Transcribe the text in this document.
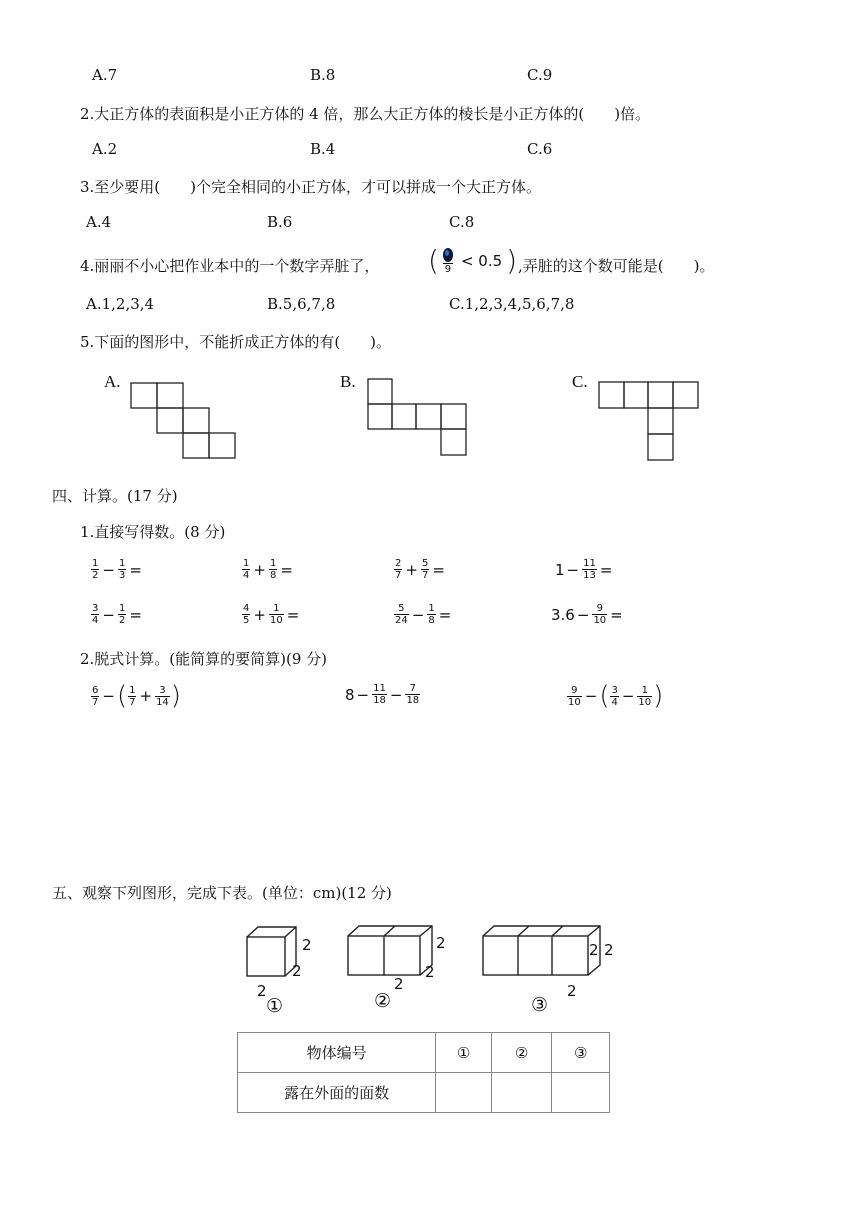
A.7	B.8	C.9
2.大正方体的表面积是小正方体的 4 倍，那么大正方体的棱长是小正方体的(　　)倍。
A.2	B.4	C.6
3.至少要用(　　)个完全相同的小正方体，才可以拼成一个大正方体。
A.4	B.6	C.8
4.丽丽不小心把作业本中的一个数字弄脏了， ( 9 < 0.5 ) ,弄脏的这个数可能是(　　)。
A.1,2,3,4	B.5,6,7,8	C.1,2,3,4,5,6,7,8
5.下面的图形中，不能折成正方体的有(　　)。
A.	B.	C.
四、计算。(17 分)
1.直接写得数。(8 分)
$\frac{1}{2} - \frac{1}{3}$ =	$\frac{1}{4} + \frac{1}{8}$ =	$\frac{2}{7} + \frac{5}{7}$ =	$1 - \frac{11}{13}$ =
$\frac{3}{4} - \frac{1}{2}$ =	$\frac{4}{5} + \frac{1}{10}$ =	$\frac{5}{24} - \frac{1}{8}$ =	$3.6 - \frac{9}{10}$ =
2.脱式计算。(能简算的要简算)(9 分)
$\frac{6}{7}$ − ( $\frac{1}{7} + \frac{3}{14}$ )	$8 - \frac{11}{18} - \frac{7}{18}$	$\frac{9}{10}$ − ( $\frac{3}{4} - \frac{1}{10}$ )
五、观察下列图形，完成下表。(单位：cm)(12 分)
2
2
2
①
2
2
2
②
2 2
2
③
物体编号	①	②	③
露在外面的面数			
